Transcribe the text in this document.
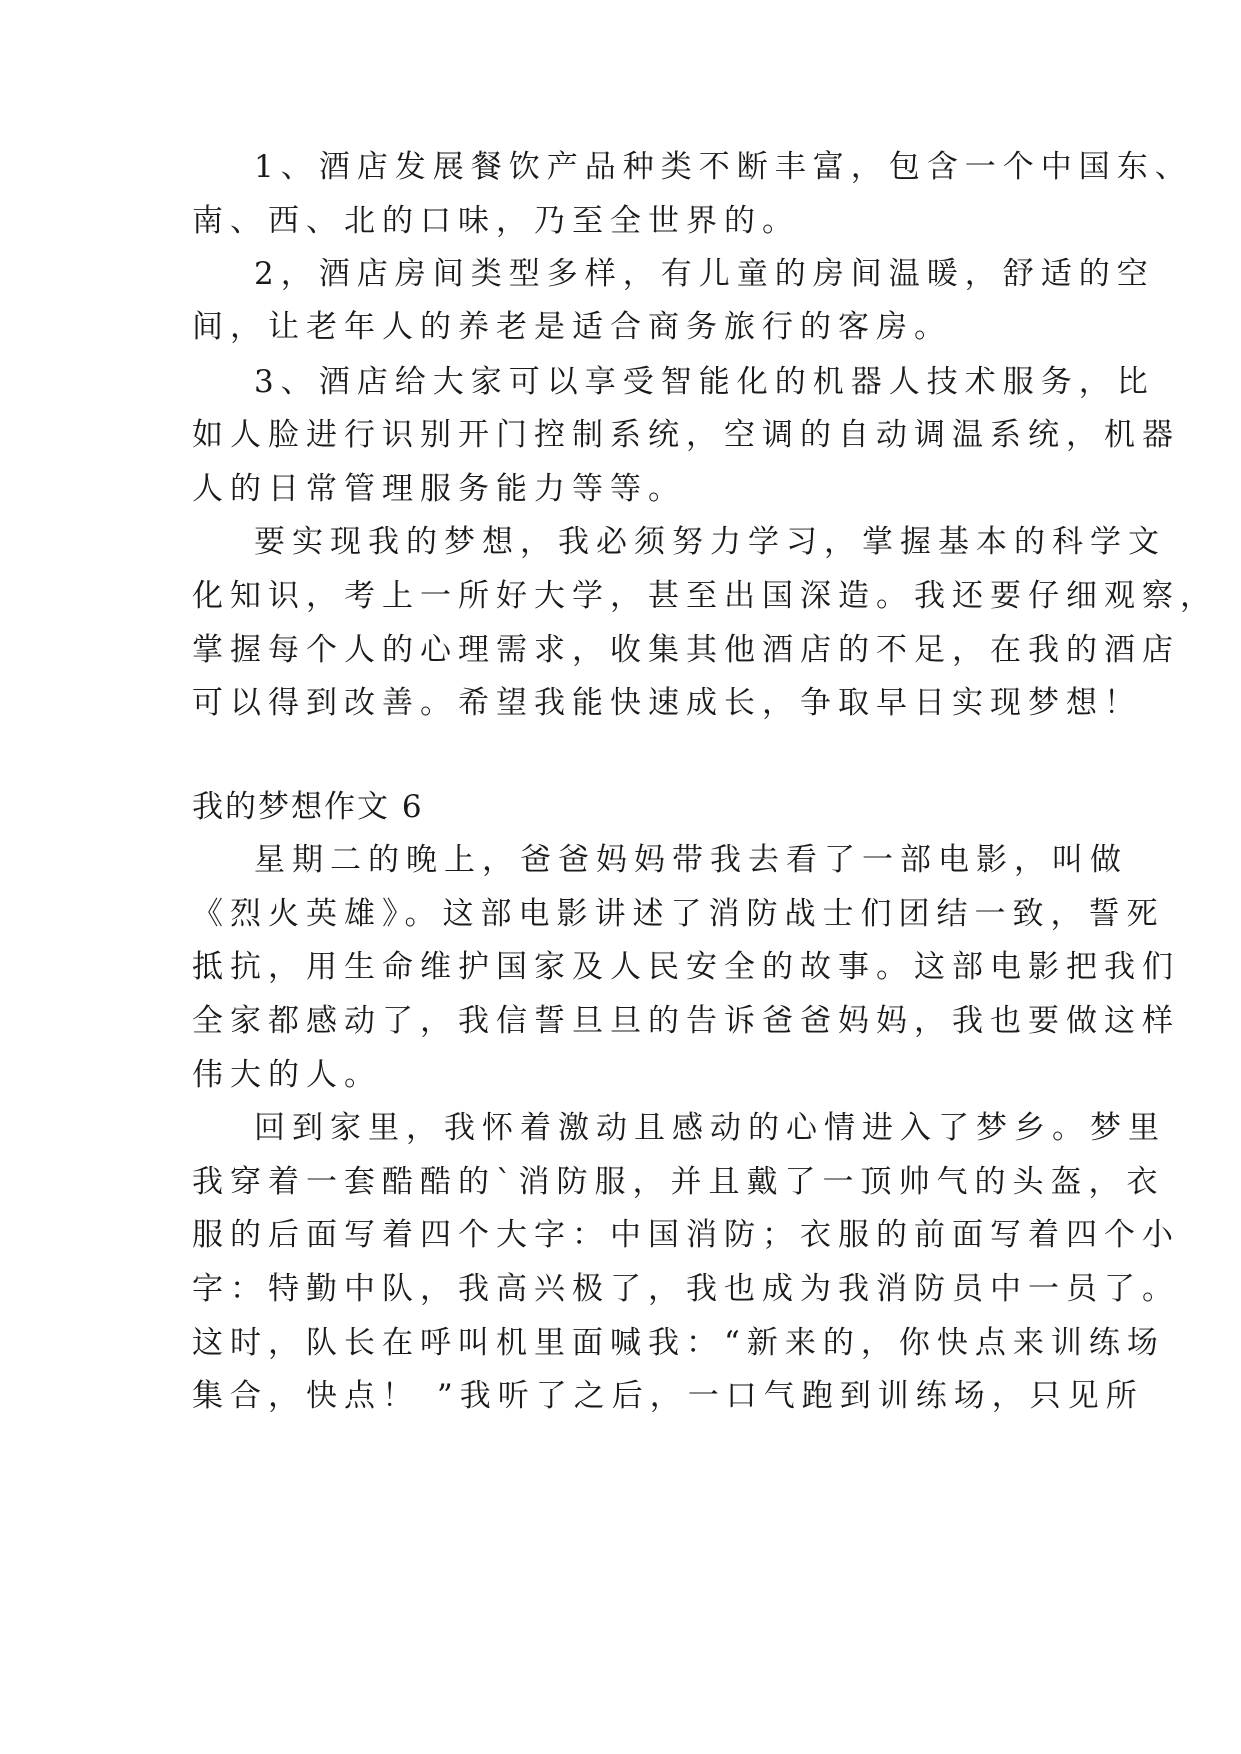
1、酒店发展餐饮产品种类不断丰富，包含一个中国东、
南、西、北的口味，乃至全世界的。
2，酒店房间类型多样，有儿童的房间温暖，舒适的空
间，让老年人的养老是适合商务旅行的客房。
3、酒店给大家可以享受智能化的机器人技术服务，比
如人脸进行识别开门控制系统，空调的自动调温系统，机器
人的日常管理服务能力等等。
要实现我的梦想，我必须努力学习，掌握基本的科学文
化知识，考上一所好大学，甚至出国深造。我还要仔细观察，
掌握每个人的心理需求，收集其他酒店的不足，在我的酒店
可以得到改善。希望我能快速成长，争取早日实现梦想！
我的梦想作文 6
星期二的晚上，爸爸妈妈带我去看了一部电影，叫做
《烈火英雄》。这部电影讲述了消防战士们团结一致，誓死
抵抗，用生命维护国家及人民安全的故事。这部电影把我们
全家都感动了，我信誓旦旦的告诉爸爸妈妈，我也要做这样
伟大的人。
回到家里，我怀着激动且感动的心情进入了梦乡。梦里
我穿着一套酷酷的`消防服，并且戴了一顶帅气的头盔，衣
服的后面写着四个大字：中国消防；衣服的前面写着四个小
字：特勤中队，我高兴极了，我也成为我消防员中一员了。
这时，队长在呼叫机里面喊我：“新来的，你快点来训练场
集合，快点！ ”我听了之后，一口气跑到训练场，只见所
